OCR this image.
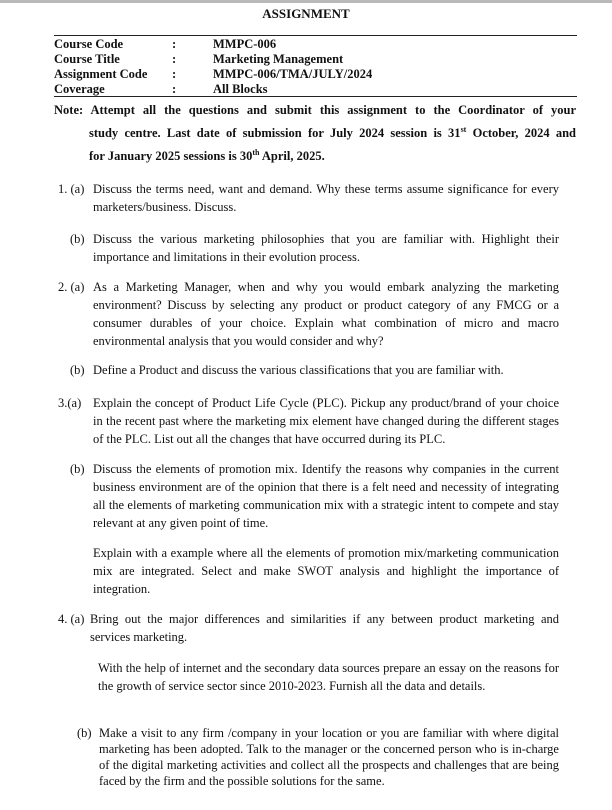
ASSIGNMENT
Course Code	:	MMPC-006
Course Title	:	Marketing Management
Assignment Code :	MMPC-006/TMA/JULY/2024
Coverage	:	All Blocks
Note: Attempt all the questions and submit this assignment to the Coordinator of your
study centre. Last date of submission for July 2024 session is 31st October, 2024 and
for January 2025 sessions is 30th April, 2025.
1. (a) Discuss the terms need, want and demand. Why these terms assume significance for every marketers/business. Discuss.
(b) Discuss the various marketing philosophies that you are familiar with. Highlight their importance and limitations in their evolution process.
2. (a) As a Marketing Manager, when and why you would embark analyzing the marketing environment? Discuss by selecting any product or product category of any FMCG or a consumer durables of your choice. Explain what combination of micro and macro environmental analysis that you would consider and why?
(b) Define a Product and discuss the various classifications that you are familiar with.
3.(a) Explain the concept of Product Life Cycle (PLC). Pickup any product/brand of your choice in the recent past where the marketing mix element have changed during the different stages of the PLC. List out all the changes that have occurred during its PLC.
(b) Discuss the elements of promotion mix. Identify the reasons why companies in the current business environment are of the opinion that there is a felt need and necessity of integrating all the elements of marketing communication mix with a strategic intent to compete and stay relevant at any given point of time.
Explain with a example where all the elements of promotion mix/marketing communication mix are integrated. Select and make SWOT analysis and highlight the importance of integration.
4. (a) Bring out the major differences and similarities if any between product marketing and services marketing.
With the help of internet and the secondary data sources prepare an essay on the reasons for the growth of service sector since 2010-2023. Furnish all the data and details.
(b) Make a visit to any firm /company in your location or you are familiar with where digital marketing has been adopted. Talk to the manager or the concerned person who is in-charge of the digital marketing activities and collect all the prospects and challenges that are being faced by the firm and the possible solutions for the same.
